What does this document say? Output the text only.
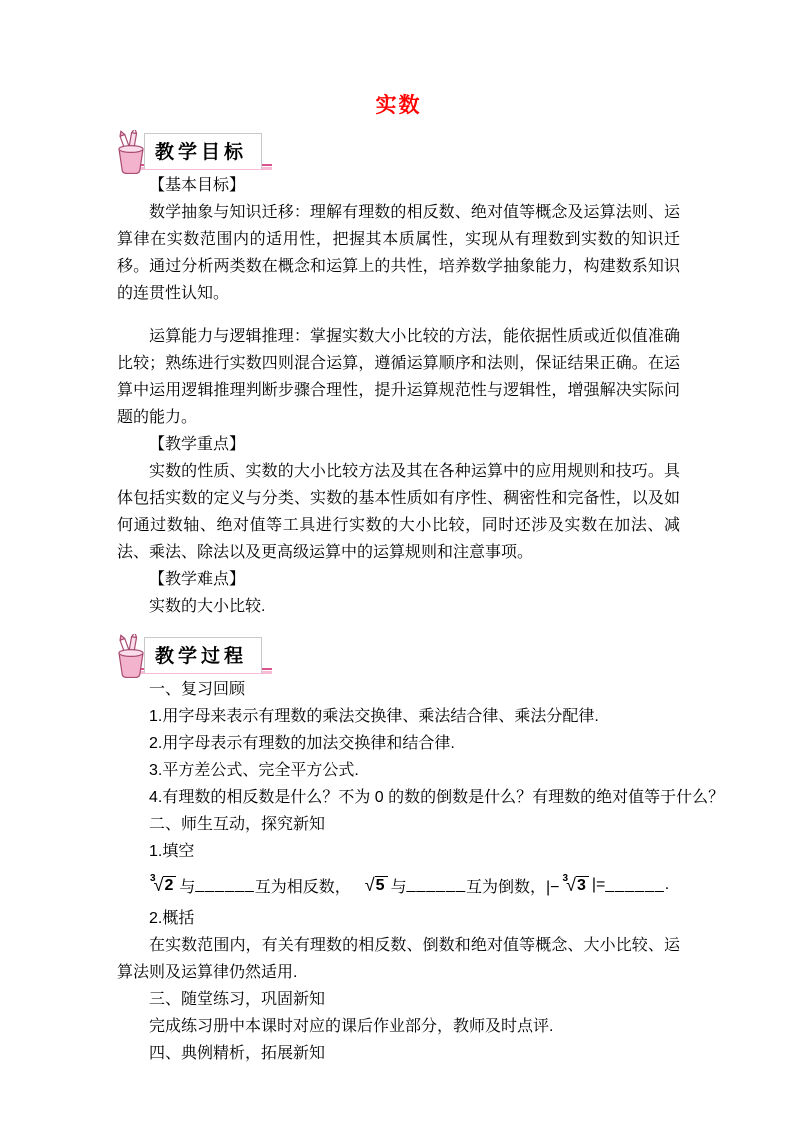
实数
教学目标
【基本目标】

数学抽象与知识迁移：理解有理数的相反数、绝对值等概念及运算法则、运算律在实数范围内的适用性，把握其本质属性，实现从有理数到实数的知识迁移。通过分析两类数在概念和运算上的共性，培养数学抽象能力，构建数系知识的连贯性认知。

运算能力与逻辑推理：掌握实数大小比较的方法，能依据性质或近似值准确比较；熟练进行实数四则混合运算，遵循运算顺序和法则，保证结果正确。在运算中运用逻辑推理判断步骤合理性，提升运算规范性与逻辑性，增强解决实际问题的能力。

【教学重点】

实数的性质、实数的大小比较方法及其在各种运算中的应用规则和技巧。具体包括实数的定义与分类、实数的基本性质如有序性、稠密性和完备性，以及如何通过数轴、绝对值等工具进行实数的大小比较，同时还涉及实数在加法、减法、乘法、除法以及更高级运算中的运算规则和注意事项。

【教学难点】
实数的大小比较.
教学过程
一、复习回顾
1.用字母来表示有理数的乘法交换律、乘法结合律、乘法分配律.
2.用字母表示有理数的加法交换律和结合律.
3.平方差公式、完全平方公式.
4.有理数的相反数是什么？不为 0 的数的倒数是什么？有理数的绝对值等于什么？
二、师生互动，探究新知
1.填空
3
√ 2 与 ______ 互为相反数， √ 5 与 ______ 互为倒数，|− 3
√ 3 |= ______ .
2.概括

在实数范围内，有关有理数的相反数、倒数和绝对值等概念、大小比较、运算法则及运算律仍然适用.

三、随堂练习，巩固新知
完成练习册中本课时对应的课后作业部分，教师及时点评.
四、典例精析，拓展新知
